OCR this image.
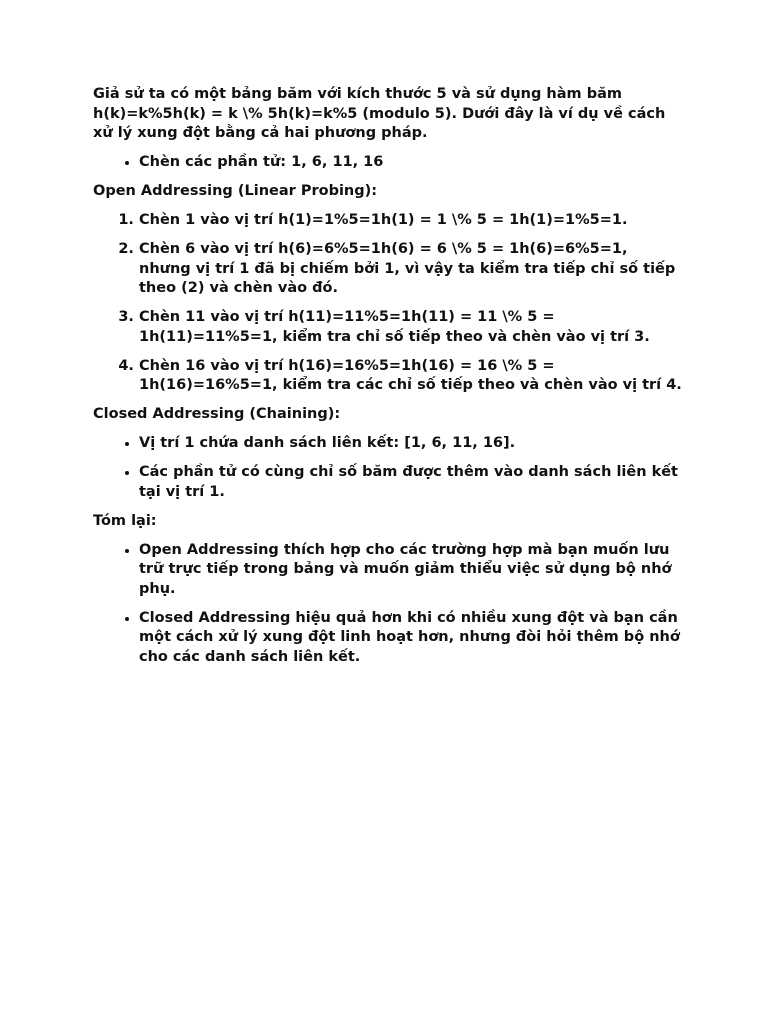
Giả sử ta có một bảng băm với kích thước 5 và sử dụng hàm băm h(k)=k%5h(k) = k \% 5h(k)=k%5 (modulo 5). Dưới đây là ví dụ về cách xử lý xung đột bằng cả hai phương pháp.

• Chèn các phần tử: 1, 6, 11, 16

Open Addressing (Linear Probing):

1. Chèn 1 vào vị trí h(1)=1%5=1h(1) = 1 \% 5 = 1h(1)=1%5=1.
2. Chèn 6 vào vị trí h(6)=6%5=1h(6) = 6 \% 5 = 1h(6)=6%5=1, nhưng vị trí 1 đã bị chiếm bởi 1, vì vậy ta kiểm tra tiếp chỉ số tiếp theo (2) và chèn vào đó.
3. Chèn 11 vào vị trí h(11)=11%5=1h(11) = 11 \% 5 = 1h(11)=11%5=1, kiểm tra chỉ số tiếp theo và chèn vào vị trí 3.
4. Chèn 16 vào vị trí h(16)=16%5=1h(16) = 16 \% 5 = 1h(16)=16%5=1, kiểm tra các chỉ số tiếp theo và chèn vào vị trí 4.

Closed Addressing (Chaining):

• Vị trí 1 chứa danh sách liên kết: [1, 6, 11, 16].
• Các phần tử có cùng chỉ số băm được thêm vào danh sách liên kết tại vị trí 1.

Tóm lại:

• Open Addressing thích hợp cho các trường hợp mà bạn muốn lưu trữ trực tiếp trong bảng và muốn giảm thiểu việc sử dụng bộ nhớ phụ.
• Closed Addressing hiệu quả hơn khi có nhiều xung đột và bạn cần một cách xử lý xung đột linh hoạt hơn, nhưng đòi hỏi thêm bộ nhớ cho các danh sách liên kết.
